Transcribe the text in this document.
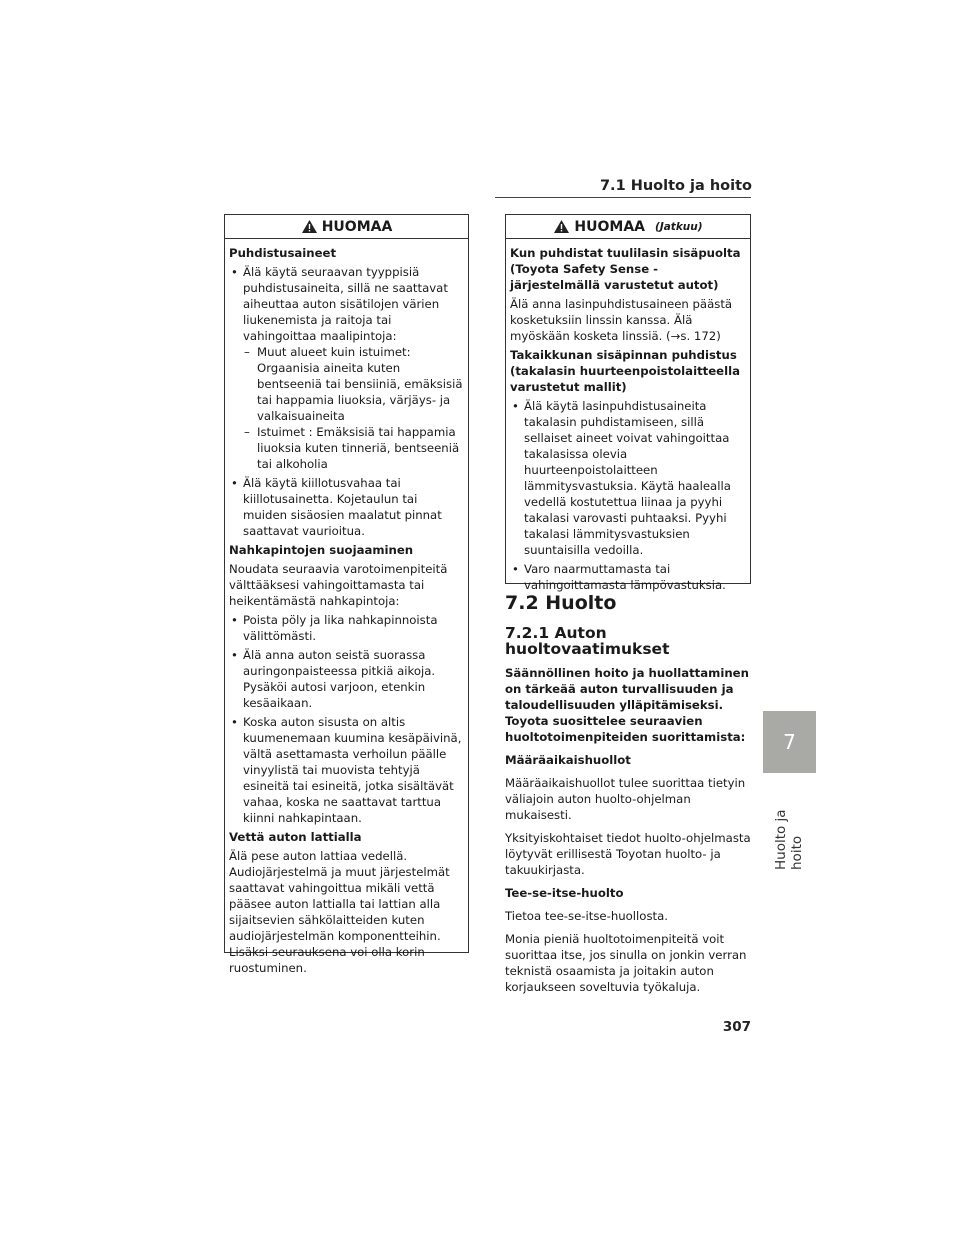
7.1 Huolto ja hoito
HUOMAA

Puhdistusaineet

• Älä käytä seuraavan tyyppisiä puhdistusaineita, sillä ne saattavat aiheuttaa auton sisätilojen värien liukenemista ja raitoja tai vahingoittaa maalipintoja:
– Muut alueet kuin istuimet: Orgaanisia aineita kuten bentseeniä tai bensiiniä, emäksisiä tai happamia liuoksia, värjäys- ja valkaisuaineita
– Istuimet : Emäksisiä tai happamia liuoksia kuten tinneriä, bentseeniä tai alkoholia
• Älä käytä kiillotusvahaa tai kiillotusainetta. Kojetaulun tai muiden sisäosien maalatut pinnat saattavat vaurioitua.

Nahkapintojen suojaaminen

Noudata seuraavia varotoimenpiteitä välttääksesi vahingoittamasta tai heikentämästä nahkapintoja:

• Poista pöly ja lika nahkapinnoista välittömästi.
• Älä anna auton seistä suorassa auringonpaisteessa pitkiä aikoja. Pysäköi autosi varjoon, etenkin kesäaikaan.
• Koska auton sisusta on altis kuumenemaan kuumina kesäpäivinä, vältä asettamasta verhoilun päälle vinyylistä tai muovista tehtyjä esineitä tai esineitä, jotka sisältävät vahaa, koska ne saattavat tarttua kiinni nahkapintaan.

Vettä auton lattialla

Älä pese auton lattiaa vedellä. Audiojärjestelmä ja muut järjestelmät saattavat vahingoittua mikäli vettä pääsee auton lattialla tai lattian alla sijaitsevien sähkölaitteiden kuten audiojärjestelmän komponentteihin. Lisäksi seurauksena voi olla korin ruostuminen.

HUOMAA (Jatkuu)

Kun puhdistat tuulilasin sisäpuolta (Toyota Safety Sense -järjestelmällä varustetut autot)

Älä anna lasinpuhdistusaineen päästä kosketuksiin linssin kanssa. Älä myöskään kosketa linssiä. (→s. 172)

Takaikkunan sisäpinnan puhdistus (takalasin huurteenpoistolaitteella varustetut mallit)

• Älä käytä lasinpuhdistusaineita takalasin puhdistamiseen, sillä sellaiset aineet voivat vahingoittaa takalasissa olevia huurteenpoistolaitteen lämmitysvastuksia. Käytä haalealla vedellä kostutettua liinaa ja pyyhi takalasi varovasti puhtaaksi. Pyyhi takalasi lämmitysvastuksien suuntaisilla vedoilla.
• Varo naarmuttamasta tai vahingoittamasta lämpövastuksia.
7.2 Huolto
7.2.1 Auton huoltovaatimukset

Säännöllinen hoito ja huollattaminen on tärkeää auton turvallisuuden ja taloudellisuuden ylläpitämiseksi. Toyota suosittelee seuraavien huoltotoimenpiteiden suorittamista:

Määräaikaishuollot

Määräaikaishuollot tulee suorittaa tietyin väliajoin auton huolto-ohjelman mukaisesti.

Yksityiskohtaiset tiedot huolto-ohjelmasta löytyvät erillisestä Toyotan huolto- ja takuukirjasta.

Tee-se-itse-huolto

Tietoa tee-se-itse-huollosta.

Monia pieniä huoltotoimenpiteitä voit suorittaa itse, jos sinulla on jonkin verran teknistä osaamista ja joitakin auton korjaukseen soveltuvia työkaluja.

7
Huolto ja hoito
307
